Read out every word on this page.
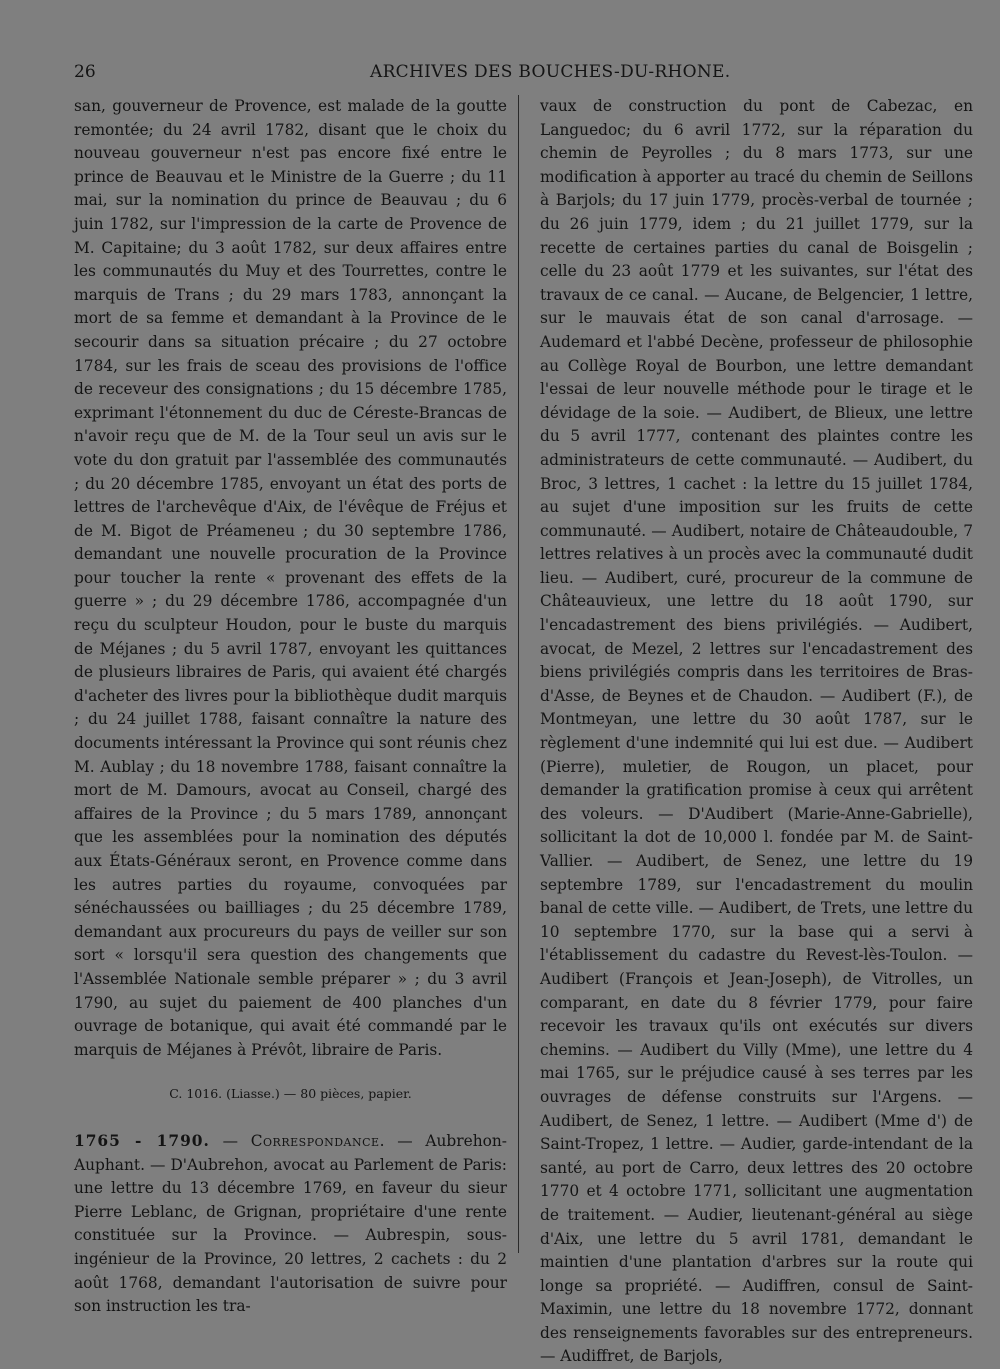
26	ARCHIVES DES BOUCHES-DU-RHONE.

san, gouverneur de Provence, est malade de la goutte remontée; du 24 avril 1782, disant que le choix du nouveau gouverneur n'est pas encore fixé entre le prince de Beauvau et le Ministre de la Guerre ; du 11 mai, sur la nomination du prince de Beauvau ; du 6 juin 1782, sur l'impression de la carte de Provence de M. Capitaine; du 3 août 1782, sur deux affaires entre les communautés du Muy et des Tourrettes, contre le marquis de Trans ; du 29 mars 1783, annonçant la mort de sa femme et demandant à la Province de le secourir dans sa situation précaire ; du 27 octobre 1784, sur les frais de sceau des provisions de l'office de receveur des consignations ; du 15 décembre 1785, exprimant l'étonnement du duc de Céreste-Brancas de n'avoir reçu que de M. de la Tour seul un avis sur le vote du don gratuit par l'assemblée des communautés ; du 20 décembre 1785, envoyant un état des ports de lettres de l'archevêque d'Aix, de l'évêque de Fréjus et de M. Bigot de Préameneu ; du 30 septembre 1786, demandant une nouvelle procuration de la Province pour toucher la rente « provenant des effets de la guerre » ; du 29 décembre 1786, accompagnée d'un reçu du sculpteur Houdon, pour le buste du marquis de Méjanes ; du 5 avril 1787, envoyant les quittances de plusieurs libraires de Paris, qui avaient été chargés d'acheter des livres pour la bibliothèque dudit marquis ; du 24 juillet 1788, faisant connaître la nature des documents intéressant la Province qui sont réunis chez M. Aublay ; du 18 novembre 1788, faisant connaître la mort de M. Damours, avocat au Conseil, chargé des affaires de la Province ; du 5 mars 1789, annonçant que les assemblées pour la nomination des députés aux États-Généraux seront, en Provence comme dans les autres parties du royaume, convoquées par sénéchaussées ou bailliages ; du 25 décembre 1789, demandant aux procureurs du pays de veiller sur son sort « lorsqu'il sera question des changements que l'Assemblée Nationale semble préparer » ; du 3 avril 1790, au sujet du paiement de 400 planches d'un ouvrage de botanique, qui avait été commandé par le marquis de Méjanes à Prévôt, libraire de Paris.

C. 1016. (Liasse.) — 80 pièces, papier.

1765 - 1790. — Correspondance. — Aubrehon-Auphant. — D'Aubrehon, avocat au Parlement de Paris: une lettre du 13 décembre 1769, en faveur du sieur Pierre Leblanc, de Grignan, propriétaire d'une rente constituée sur la Province. — Aubrespin, sous-ingénieur de la Province, 20 lettres, 2 cachets : du 2 août 1768, demandant l'autorisation de suivre pour son instruction les tra-

vaux de construction du pont de Cabezac, en Languedoc; du 6 avril 1772, sur la réparation du chemin de Peyrolles ; du 8 mars 1773, sur une modification à apporter au tracé du chemin de Seillons à Barjols; du 17 juin 1779, procès-verbal de tournée ; du 26 juin 1779, idem ; du 21 juillet 1779, sur la recette de certaines parties du canal de Boisgelin ; celle du 23 août 1779 et les suivantes, sur l'état des travaux de ce canal. — Aucane, de Belgencier, 1 lettre, sur le mauvais état de son canal d'arrosage. — Audemard et l'abbé Decène, professeur de philosophie au Collège Royal de Bourbon, une lettre demandant l'essai de leur nouvelle méthode pour le tirage et le dévidage de la soie. — Audibert, de Blieux, une lettre du 5 avril 1777, contenant des plaintes contre les administrateurs de cette communauté. — Audibert, du Broc, 3 lettres, 1 cachet : la lettre du 15 juillet 1784, au sujet d'une imposition sur les fruits de cette communauté. — Audibert, notaire de Châteaudouble, 7 lettres relatives à un procès avec la communauté dudit lieu. — Audibert, curé, procureur de la commune de Châteauvieux, une lettre du 18 août 1790, sur l'encadastrement des biens privilégiés. — Audibert, avocat, de Mezel, 2 lettres sur l'encadastrement des biens privilégiés compris dans les territoires de Bras-d'Asse, de Beynes et de Chaudon. — Audibert (F.), de Montmeyan, une lettre du 30 août 1787, sur le règlement d'une indemnité qui lui est due. — Audibert (Pierre), muletier, de Rougon, un placet, pour demander la gratification promise à ceux qui arrêtent des voleurs. — D'Audibert (Marie-Anne-Gabrielle), sollicitant la dot de 10,000 l. fondée par M. de Saint-Vallier. — Audibert, de Senez, une lettre du 19 septembre 1789, sur l'encadastrement du moulin banal de cette ville. — Audibert, de Trets, une lettre du 10 septembre 1770, sur la base qui a servi à l'établissement du cadastre du Revest-lès-Toulon. — Audibert (François et Jean-Joseph), de Vitrolles, un comparant, en date du 8 février 1779, pour faire recevoir les travaux qu'ils ont exécutés sur divers chemins. — Audibert du Villy (Mme), une lettre du 4 mai 1765, sur le préjudice causé à ses terres par les ouvrages de défense construits sur l'Argens. — Audibert, de Senez, 1 lettre. — Audibert (Mme d') de Saint-Tropez, 1 lettre. — Audier, garde-intendant de la santé, au port de Carro, deux lettres des 20 octobre 1770 et 4 octobre 1771, sollicitant une augmentation de traitement. — Audier, lieutenant-général au siège d'Aix, une lettre du 5 avril 1781, demandant le maintien d'une plantation d'arbres sur la route qui longe sa propriété. — Audiffren, consul de Saint-Maximin, une lettre du 18 novembre 1772, donnant des renseignements favorables sur des entrepreneurs. — Audiffret, de Barjols,
